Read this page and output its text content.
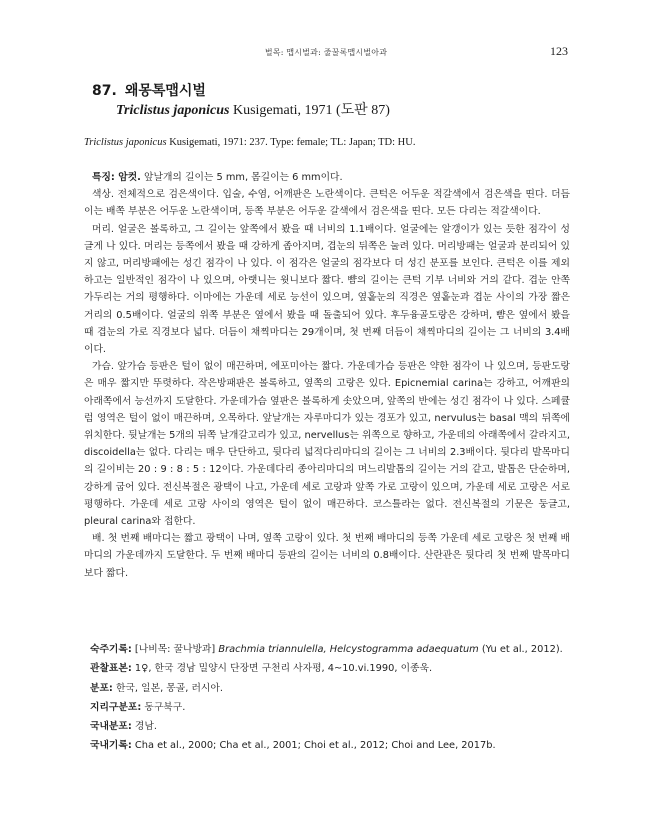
벌목: 맵시벌과: 줄꿀록맵시벌아과	123
87. 왜몽톡맵시벌
Triclistus japonicus Kusigemati, 1971 (도판 87)
Triclistus japonicus Kusigemati, 1971: 237. Type: female; TL: Japan; TD: HU.

특징: 암컷. 앞날개의 길이는 5 mm, 몸길이는 6 mm이다.

색상. 전체적으로 검은색이다. 입술, 수염, 어깨판은 노란색이다. 큰턱은 어두운 적갈색에서 검은색을 띤다. 더듬이는 배쪽 부분은 어두운 노란색이며, 등쪽 부분은 어두운 갈색에서 검은색을 띤다. 모든 다리는 적갈색이다.

머리. 얼굴은 볼록하고, 그 길이는 앞쪽에서 봤을 때 너비의 1.1배이다. 얼굴에는 알갱이가 있는 듯한 점각이 성글게 나 있다. 머리는 등쪽에서 봤을 때 강하게 좁아지며, 겹눈의 뒤쪽은 눌려 있다. 머리방패는 얼굴과 분리되어 있지 않고, 머리방패에는 성긴 점각이 나 있다. 이 점각은 얼굴의 점각보다 더 성긴 분포를 보인다. 큰턱은 이를 제외하고는 일반적인 점각이 나 있으며, 아랫니는 윗니보다 짧다. 뺨의 길이는 큰턱 기부 너비와 거의 같다. 겹눈 안쪽 가두리는 거의 평행하다. 이마에는 가운데 세로 능선이 있으며, 옆홑눈의 직경은 옆홑눈과 겹눈 사이의 가장 짧은 거리의 0.5배이다. 얼굴의 위쪽 부분은 옆에서 봤을 때 돌출되어 있다. 후두융골도랑은 강하며, 뺨은 옆에서 봤을 때 겹눈의 가로 직경보다 넓다. 더듬이 채찍마디는 29개이며, 첫 번째 더듬이 채찍마디의 길이는 그 너비의 3.4배이다.

가슴. 앞가슴 등판은 털이 없이 매끈하며, 에포미아는 짧다. 가운데가슴 등판은 약한 점각이 나 있으며, 등판도랑은 매우 짧지만 뚜렷하다. 작은방패판은 볼록하고, 옆쪽의 고랑은 있다. Epicnemial carina는 강하고, 어깨판의 아래쪽에서 능선까지 도달한다. 가운데가슴 옆판은 볼록하게 솟았으며, 앞쪽의 반에는 성긴 점각이 나 있다. 스페큘럼 영역은 털이 없이 매끈하며, 오목하다. 앞날개는 자루마디가 있는 경포가 있고, nervulus는 basal 맥의 뒤쪽에 위치한다. 뒷날개는 5개의 뒤쪽 날개갈고리가 있고, nervellus는 위쪽으로 향하고, 가운데의 아래쪽에서 갈라지고, discoidella는 없다. 다리는 매우 단단하고, 뒷다리 넓적다리마디의 길이는 그 너비의 2.3배이다. 뒷다리 발목마디의 길이비는 20 : 9 : 8 : 5 : 12이다. 가운데다리 종아리마디의 며느리발톱의 길이는 거의 같고, 발톱은 단순하며, 강하게 굽어 있다. 전신복절은 광택이 나고, 가운데 세로 고랑과 앞쪽 가로 고랑이 있으며, 가운데 세로 고랑은 서로 평행하다. 가운데 세로 고랑 사이의 영역은 털이 없이 매끈하다. 코스틀라는 없다. 전신복절의 기문은 둥글고, pleural carina와 접한다.

배. 첫 번째 배마디는 짧고 광택이 나며, 옆쪽 고랑이 있다. 첫 번째 배마디의 등쪽 가운데 세로 고랑은 첫 번째 배마디의 가운데까지 도달한다. 두 번째 배마디 등판의 길이는 너비의 0.8배이다. 산란관은 뒷다리 첫 번째 발목마디보다 짧다.

숙주기록: [나비목: 꿀나방과] Brachmia triannulella, Helcystogramma adaequatum (Yu et al., 2012).
관찰표본: 1♀, 한국 경남 밀양시 단장면 구천리 사자평, 4~10.vi.1990, 이종욱.
분포: 한국, 일본, 몽골, 러시아.
지리구분포: 동구북구.
국내분포: 경남.
국내기록: Cha et al., 2000; Cha et al., 2001; Choi et al., 2012; Choi and Lee, 2017b.
